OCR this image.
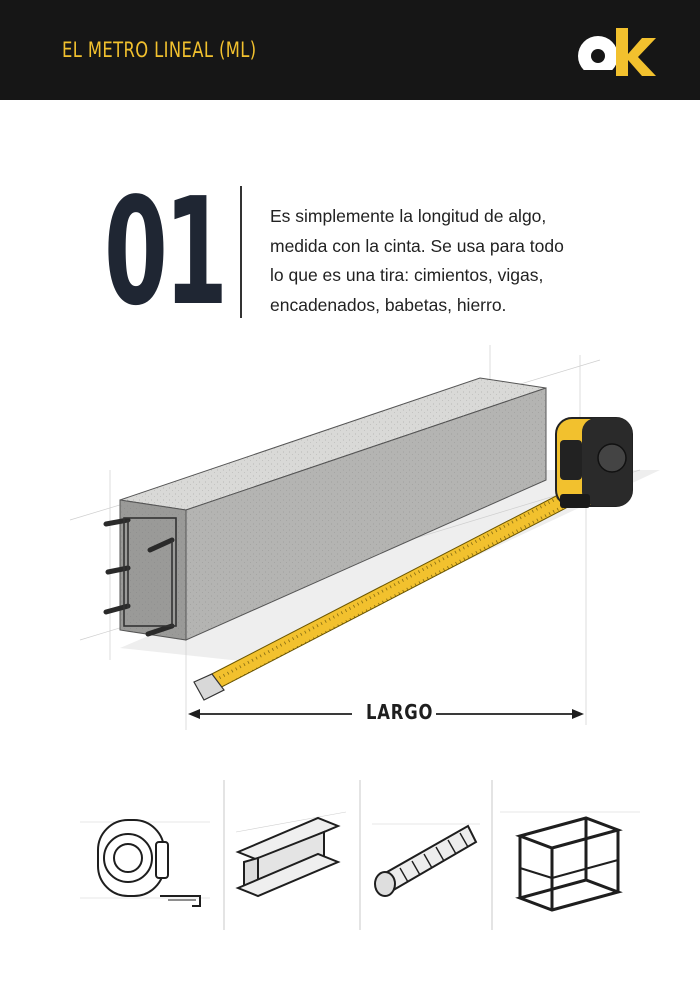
EL METRO LINEAL (ML)
01	Es simplemente la longitud de algo,
medida con la cinta. Se usa para todo
lo que es una tira: cimientos, vigas,
encadenados, babetas, hierro.
LARGO
